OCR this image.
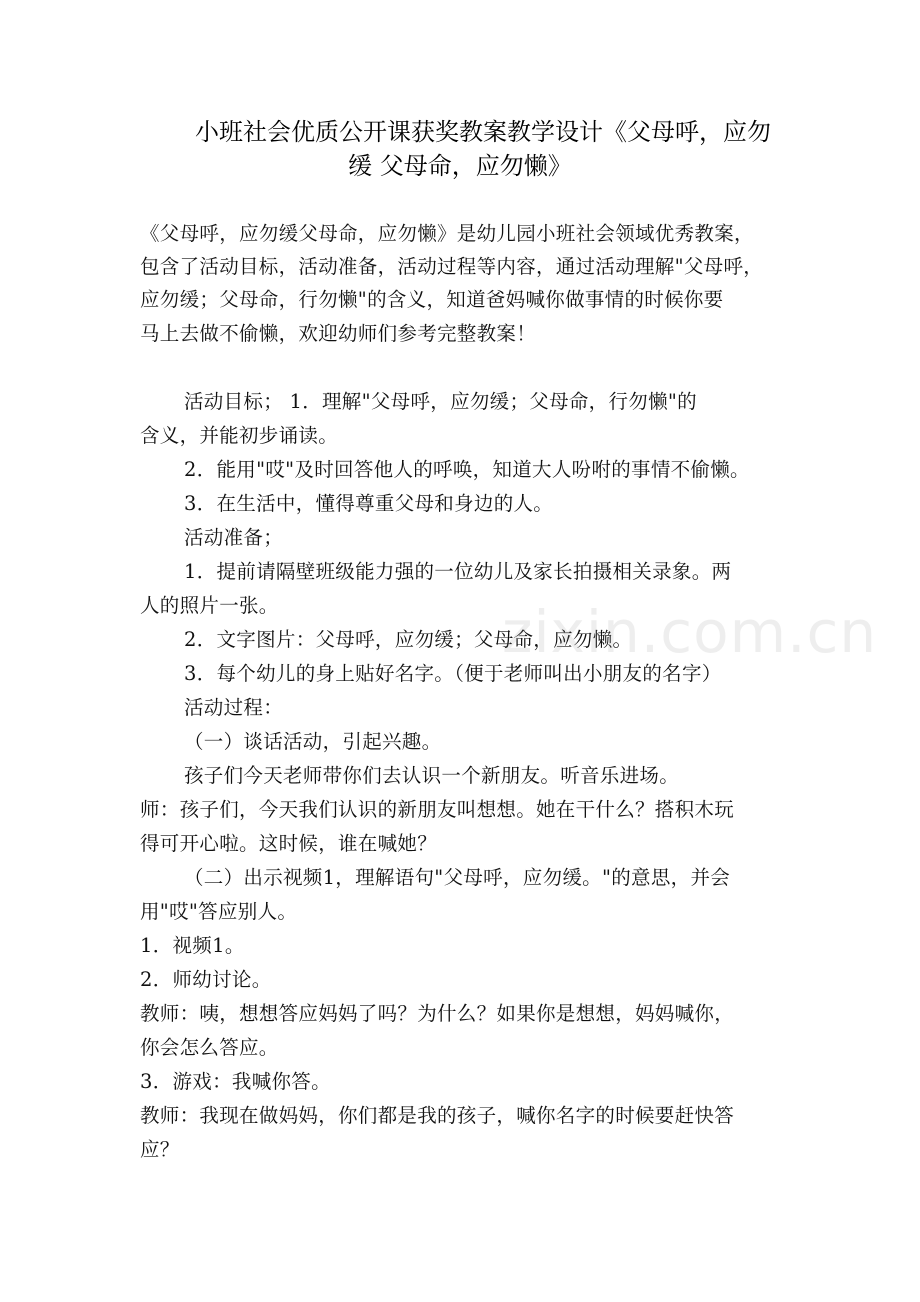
小班社会优质公开课获奖教案教学设计《父母呼，应勿
缓 父母命，应勿懒》
《父母呼，应勿缓父母命，应勿懒》是幼儿园小班社会领域优秀教案，
包含了活动目标，活动准备，活动过程等内容，通过活动理解"父母呼，
应勿缓；父母命，行勿懒"的含义，知道爸妈喊你做事情的时候你要
马上去做不偷懒，欢迎幼师们参考完整教案！
活动目标； 1．理解"父母呼，应勿缓；父母命，行勿懒"的
含义，并能初步诵读。
2．能用"哎"及时回答他人的呼唤，知道大人吩咐的事情不偷懒。
3．在生活中，懂得尊重父母和身边的人。
活动准备；
1．提前请隔壁班级能力强的一位幼儿及家长拍摄相关录象。两
人的照片一张。
2．文字图片：父母呼，应勿缓；父母命，应勿懒。
3．每个幼儿的身上贴好名字。（便于老师叫出小朋友的名字）
活动过程：
（一）谈话活动，引起兴趣。
孩子们今天老师带你们去认识一个新朋友。听音乐进场。
师：孩子们，今天我们认识的新朋友叫想想。她在干什么？搭积木玩
得可开心啦。这时候，谁在喊她？
（二）出示视频1，理解语句"父母呼，应勿缓。"的意思，并会
用"哎"答应别人。
1．视频1。
2．师幼讨论。
教师：咦，想想答应妈妈了吗？为什么？如果你是想想，妈妈喊你，
你会怎么答应。
3．游戏：我喊你答。
教师：我现在做妈妈，你们都是我的孩子，喊你名字的时候要赶快答
应？
zixin.com.cn
